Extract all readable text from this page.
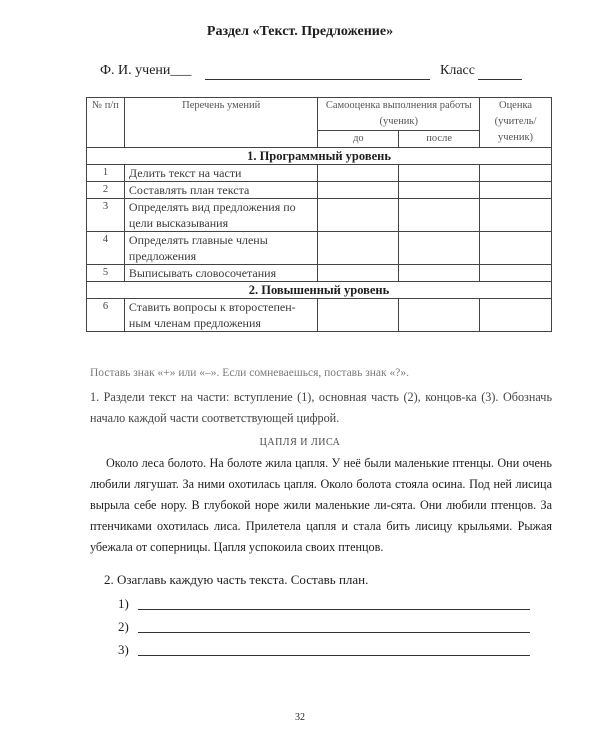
Раздел «Текст. Предложение»
Ф. И. учени___	Класс
№ п/п	Перечень умений	Самооценка выполнения работы (ученик)		Оценка (учитель/ ученик)
		до	после	
1. Программный уровень				
1	Делить текст на части			
2	Составлять план текста			
3	Определять вид предложения по цели высказывания			
4	Определять главные члены предложения			
5	Выписывать словосочетания			
2. Повышенный уровень				
6	Ставить вопросы к второстепен-ным членам предложения			
Поставь знак «+» или «–». Если сомневаешься, поставь знак «?».
1. Раздели текст на части: вступление (1), основная часть (2), концов-ка (3). Обозначь начало каждой части соответствующей цифрой.
ЦАПЛЯ И ЛИСА
Около леса болото. На болоте жила цапля. У неё были маленькие птенцы. Они очень любили лягушат. За ними охотилась цапля. Около болота стояла осина. Под ней лисица вырыла себе нору. В глубокой норе жили маленькие ли-сята. Они любили птенцов. За птенчиками охотилась лиса. Прилетела цапля и стала бить лисицу крыльями. Рыжая убежала от соперницы. Цапля успокоила своих птенцов.
2. Озаглавь каждую часть текста. Составь план.
1)
2)
3)
32
